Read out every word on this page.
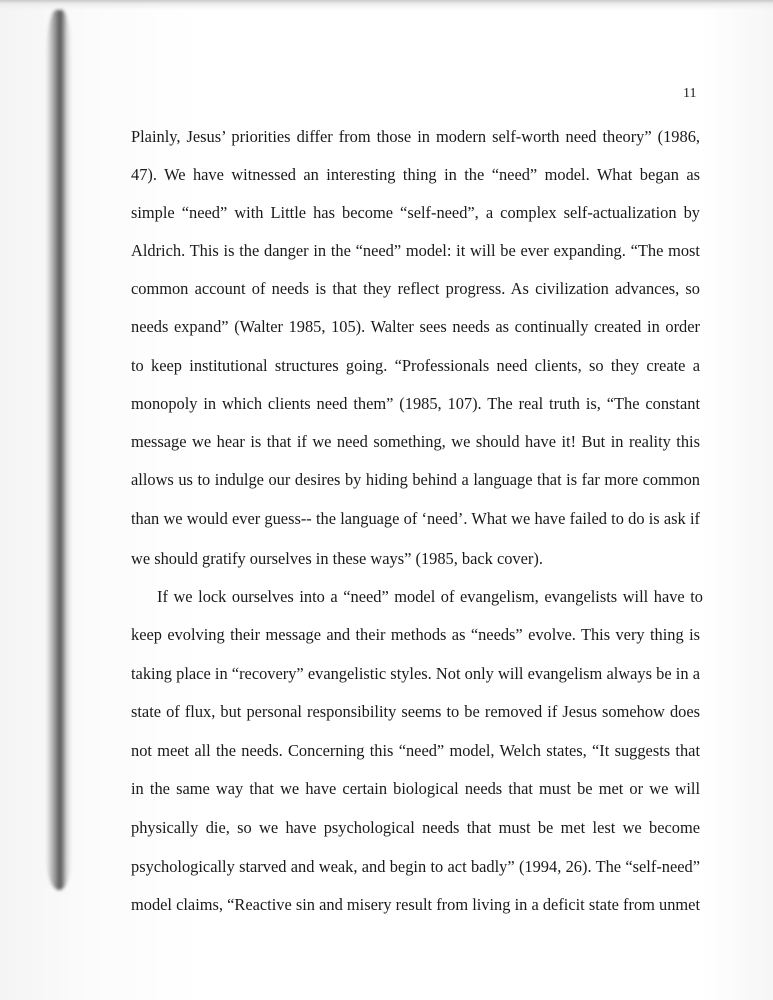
11
Plainly, Jesus’ priorities differ from those in modern self-worth need theory” (1986,
47). We have witnessed an interesting thing in the “need” model. What began as
simple “need” with Little has become “self-need”, a complex self-actualization by
Aldrich. This is the danger in the “need” model: it will be ever expanding. “The most
common account of needs is that they reflect progress. As civilization advances, so
needs expand” (Walter 1985, 105). Walter sees needs as continually created in order
to keep institutional structures going. “Professionals need clients, so they create a
monopoly in which clients need them” (1985, 107). The real truth is, “The constant
message we hear is that if we need something, we should have it! But in reality this
allows us to indulge our desires by hiding behind a language that is far more common
than we would ever guess-- the language of ‘need’. What we have failed to do is ask if
we should gratify ourselves in these ways” (1985, back cover).
If we lock ourselves into a “need” model of evangelism, evangelists will have to
keep evolving their message and their methods as “needs” evolve. This very thing is
taking place in “recovery” evangelistic styles. Not only will evangelism always be in a
state of flux, but personal responsibility seems to be removed if Jesus somehow does
not meet all the needs. Concerning this “need” model, Welch states, “It suggests that
in the same way that we have certain biological needs that must be met or we will
physically die, so we have psychological needs that must be met lest we become
psychologically starved and weak, and begin to act badly” (1994, 26). The “self-need”
model claims, “Reactive sin and misery result from living in a deficit state from unmet
